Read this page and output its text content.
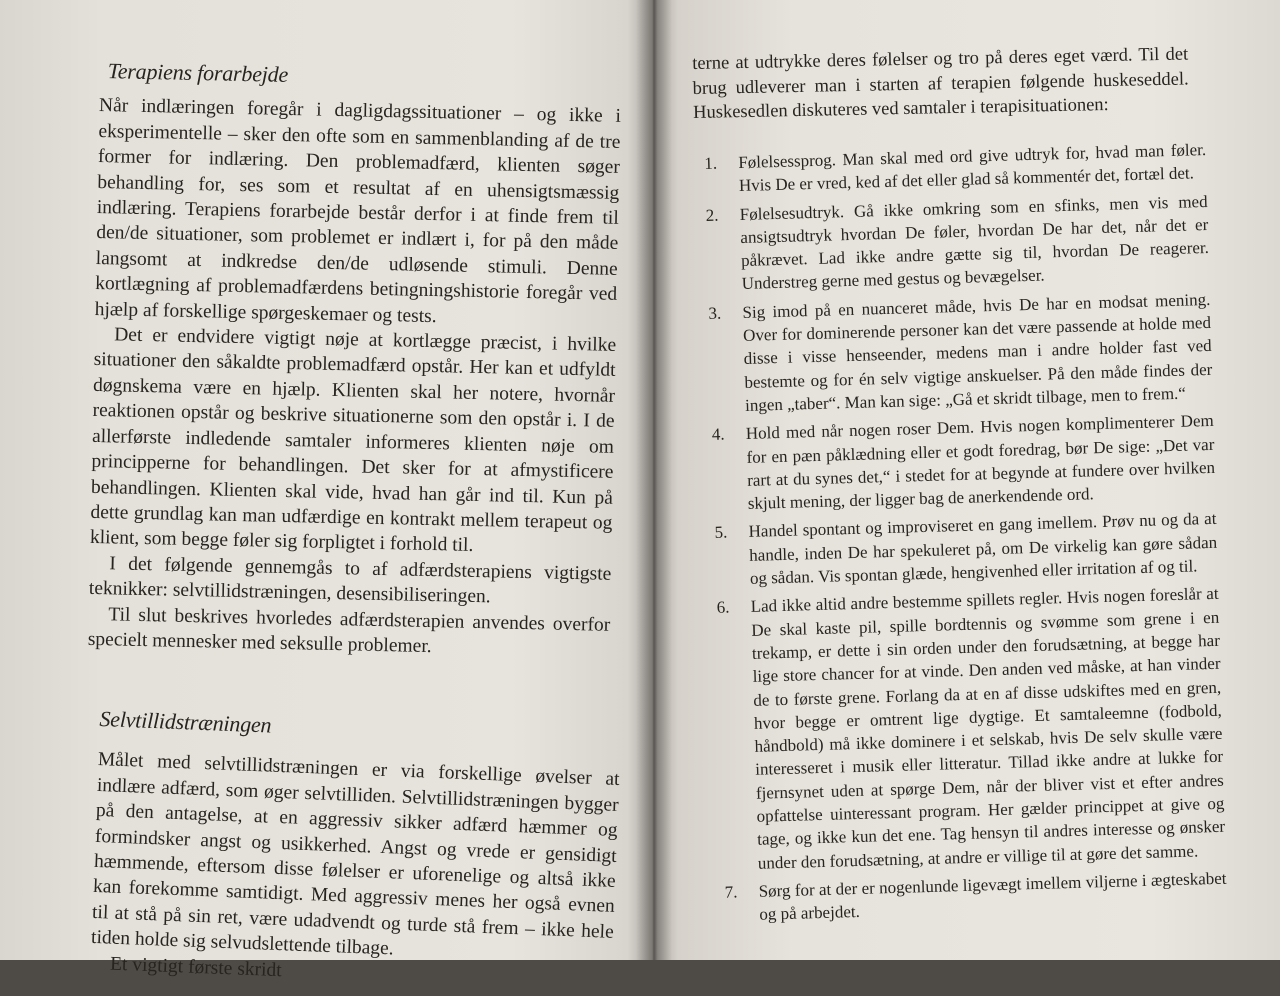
Terapiens forarbejde

Når indlæringen foregår i dagligdagssituationer – og ikke i eksperimentelle – sker den ofte som en sammenblanding af de tre former for indlæring. Den problemadfærd, klienten søger behandling for, ses som et resultat af en uhensigtsmæssig indlæring. Terapiens forarbejde består derfor i at finde frem til den/de situationer, som problemet er indlært i, for på den måde langsomt at indkredse den/de udløsende stimuli. Denne kortlægning af problemadfærdens betingningshistorie foregår ved hjælp af forskellige spørgeskemaer og tests.

Det er endvidere vigtigt nøje at kortlægge præcist, i hvilke situationer den såkaldte problemadfærd opstår. Her kan et udfyldt døgnskema være en hjælp. Klienten skal her notere, hvornår reaktionen opstår og beskrive situationerne som den opstår i. I de allerførste indledende samtaler informeres klienten nøje om principperne for behandlingen. Det sker for at afmystificere behandlingen. Klienten skal vide, hvad han går ind til. Kun på dette grundlag kan man udfærdige en kontrakt mellem terapeut og klient, som begge føler sig forpligtet i forhold til.

I det følgende gennemgås to af adfærdsterapiens vigtigste teknikker: selvtillidstræningen, desensibiliseringen.

Til slut beskrives hvorledes adfærdsterapien anvendes overfor specielt mennesker med seksulle problemer.

Selvtillidstræningen

Målet med selvtillidstræningen er via forskellige øvelser at indlære adfærd, som øger selvtilliden. Selvtillidstræningen bygger på den antagelse, at en aggressiv sikker adfærd hæmmer og formindsker angst og usikkerhed. Angst og vrede er gensidigt hæmmende, eftersom disse følelser er uforenelige og altså ikke kan forekomme samtidigt. Med aggressiv menes her også evnen til at stå på sin ret, være udadvendt og turde stå frem – ikke hele tiden holde sig selvudslettende tilbage.

Et vigtigt første skridt

terne at udtrykke deres følelser og tro på deres eget værd. Til det brug udleverer man i starten af terapien følgende huskeseddel. Huskesedlen diskuteres ved samtaler i terapisituationen:

1. Følelsessprog. Man skal med ord give udtryk for, hvad man føler. Hvis De er vred, ked af det eller glad så kommentér det, fortæl det.
2. Følelsesudtryk. Gå ikke omkring som en sfinks, men vis med ansigtsudtryk hvordan De føler, hvordan De har det, når det er påkrævet. Lad ikke andre gætte sig til, hvordan De reagerer. Understreg gerne med gestus og bevægelser.
3. Sig imod på en nuanceret måde, hvis De har en modsat mening. Over for dominerende personer kan det være passende at holde med disse i visse henseender, medens man i andre holder fast ved bestemte og for én selv vigtige anskuelser. På den måde findes der ingen „taber“. Man kan sige: „Gå et skridt tilbage, men to frem.“
4. Hold med når nogen roser Dem. Hvis nogen komplimenterer Dem for en pæn påklædning eller et godt foredrag, bør De sige: „Det var rart at du synes det,“ i stedet for at begynde at fundere over hvilken skjult mening, der ligger bag de anerkendende ord.
5. Handel spontant og improviseret en gang imellem. Prøv nu og da at handle, inden De har spekuleret på, om De virkelig kan gøre sådan og sådan. Vis spontan glæde, hengivenhed eller irritation af og til.
6. Lad ikke altid andre bestemme spillets regler. Hvis nogen foreslår at De skal kaste pil, spille bordtennis og svømme som grene i en trekamp, er dette i sin orden under den forudsætning, at begge har lige store chancer for at vinde. Den anden ved måske, at han vinder de to første grene. Forlang da at en af disse udskiftes med en gren, hvor begge er omtrent lige dygtige. Et samtaleemne (fodbold, håndbold) må ikke dominere i et selskab, hvis De selv skulle være interesseret i musik eller litteratur. Tillad ikke andre at lukke for fjernsynet uden at spørge Dem, når der bliver vist et efter andres opfattelse uinteressant program. Her gælder princippet at give og tage, og ikke kun det ene. Tag hensyn til andres interesse og ønsker under den forudsætning, at andre er villige til at gøre det samme.
7. Sørg for at der er nogenlunde ligevægt imellem viljerne i ægteskabet og på arbejdet.
